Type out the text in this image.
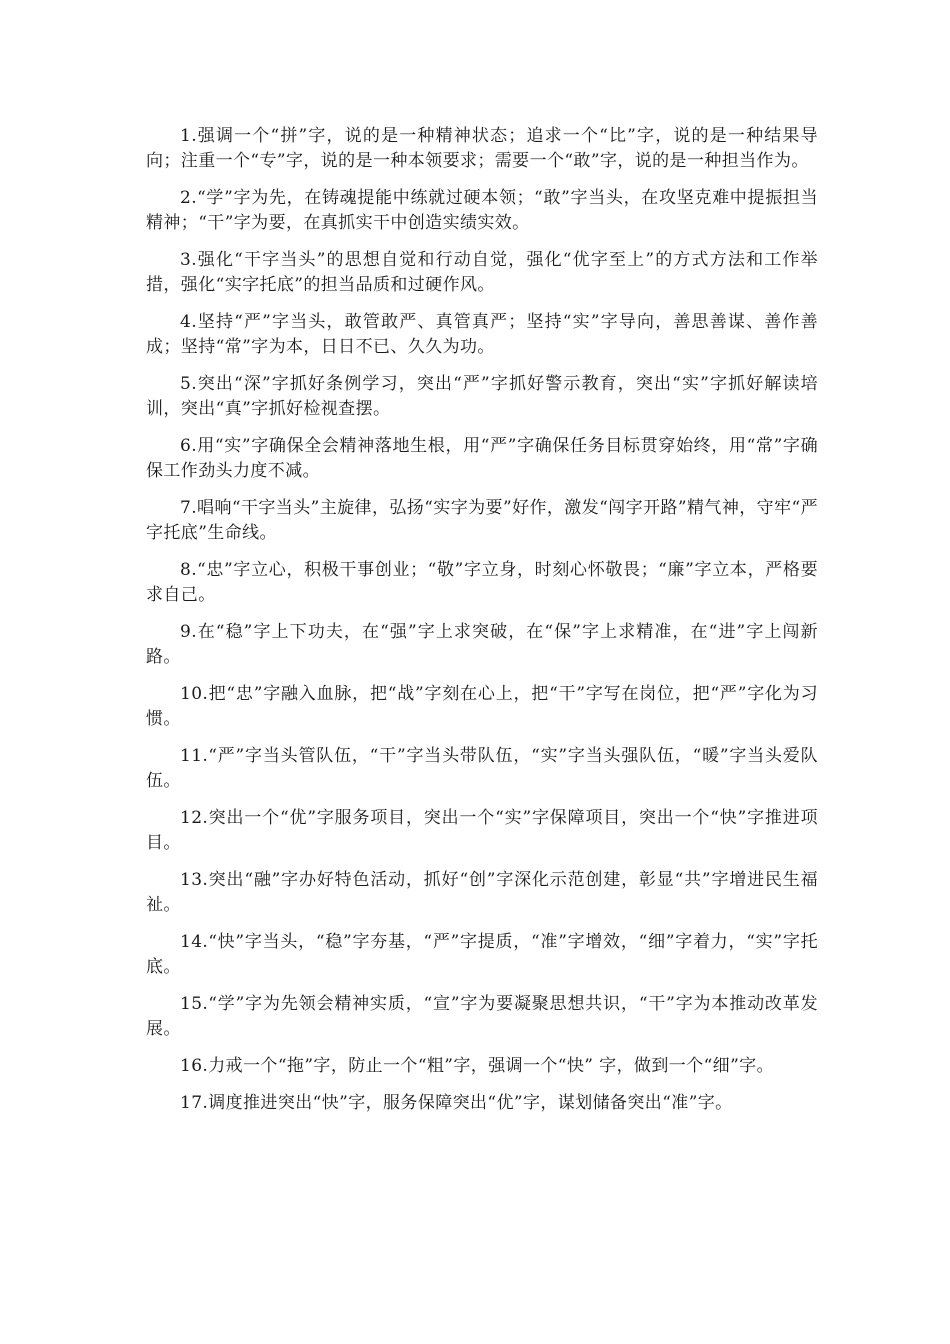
1.强调一个“拼”字，说的是一种精神状态；追求一个“比”字，说的是一种结果导向；注重一个“专”字，说的是一种本领要求；需要一个“敢”字，说的是一种担当作为。

2.“学”字为先，在铸魂提能中练就过硬本领；“敢”字当头，在攻坚克难中提振担当精神；“干”字为要，在真抓实干中创造实绩实效。

3.强化“干字当头”的思想自觉和行动自觉，强化“优字至上”的方式方法和工作举措，强化“实字托底”的担当品质和过硬作风。

4.坚持“严”字当头，敢管敢严、真管真严；坚持“实”字导向，善思善谋、善作善成；坚持“常”字为本，日日不已、久久为功。

5.突出“深”字抓好条例学习，突出“严”字抓好警示教育，突出“实”字抓好解读培训，突出“真”字抓好检视查摆。

6.用“实”字确保全会精神落地生根，用“严”字确保任务目标贯穿始终，用“常”字确保工作劲头力度不减。

7.唱响“干字当头”主旋律，弘扬“实字为要”好作，激发“闯字开路”精气神，守牢“严字托底”生命线。

8.“忠”字立心，积极干事创业；“敬”字立身，时刻心怀敬畏；“廉”字立本，严格要求自己。

9.在“稳”字上下功夫，在“强”字上求突破，在“保”字上求精准，在“进”字上闯新路。

10.把“忠”字融入血脉，把“战”字刻在心上，把“干”字写在岗位，把“严”字化为习惯。

11.“严”字当头管队伍，“干”字当头带队伍，“实”字当头强队伍，“暖”字当头爱队伍。

12.突出一个“优”字服务项目，突出一个“实”字保障项目，突出一个“快”字推进项目。

13.突出“融”字办好特色活动，抓好“创”字深化示范创建，彰显“共”字增进民生福祉。

14.“快”字当头，“稳”字夯基，“严”字提质，“准”字增效，“细”字着力，“实”字托底。

15.“学”字为先领会精神实质，“宣”字为要凝聚思想共识，“干”字为本推动改革发展。

16.力戒一个“拖”字，防止一个“粗”字，强调一个“快” 字，做到一个“细”字。

17.调度推进突出“快”字，服务保障突出“优”字，谋划储备突出“准”字。
